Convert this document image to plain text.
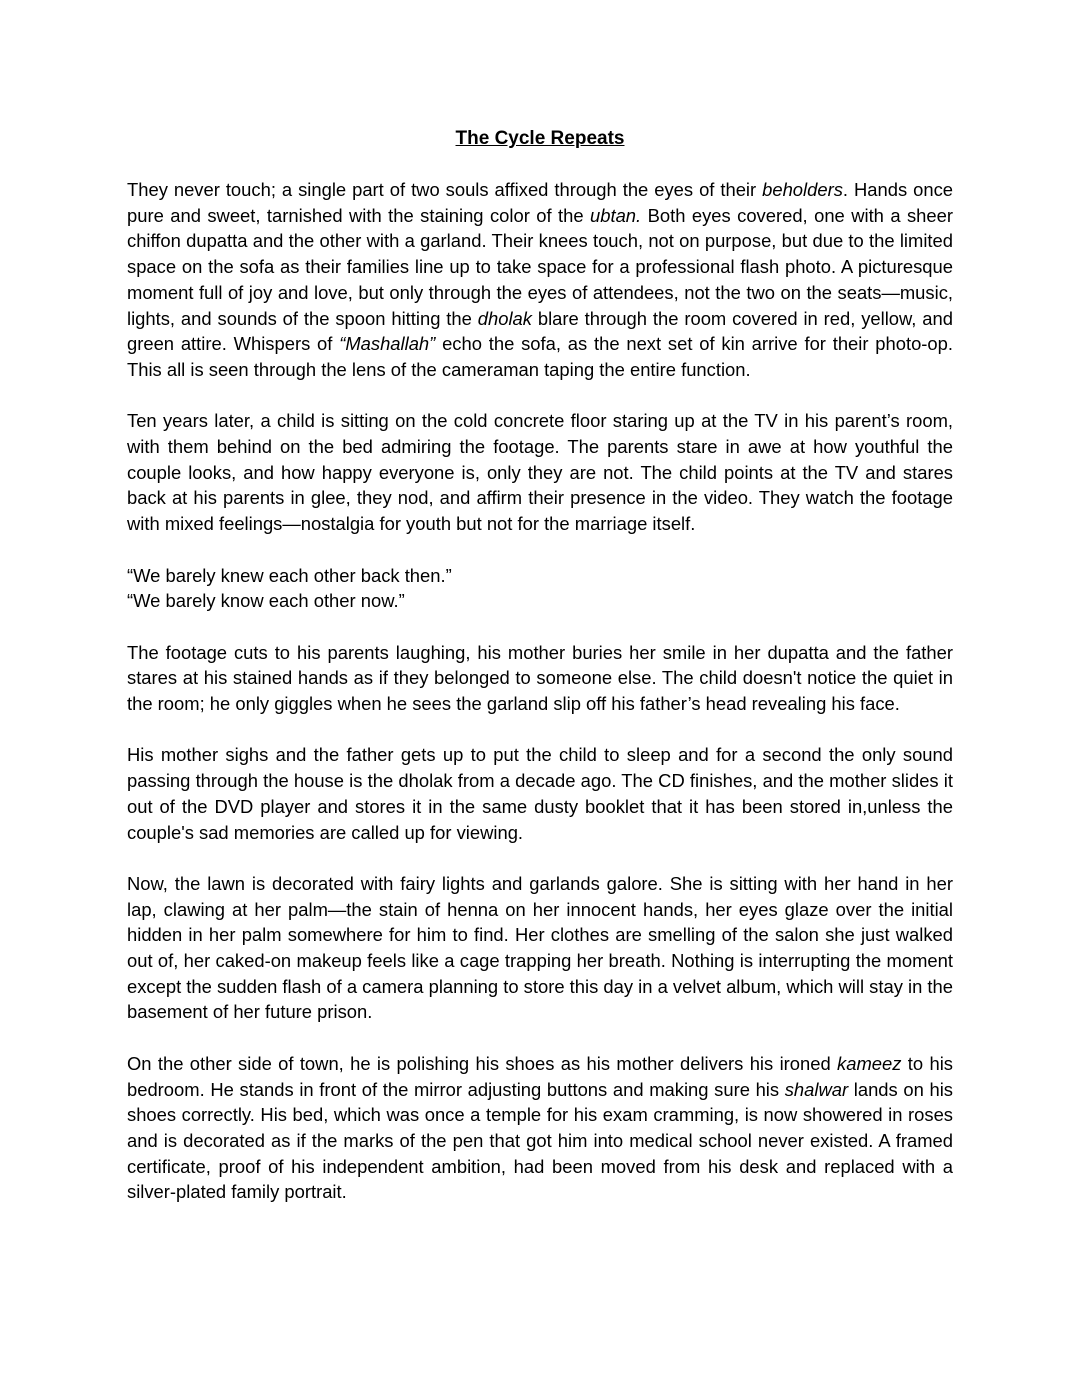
The Cycle Repeats

They never touch; a single part of two souls affixed through the eyes of their beholders. Hands once pure and sweet, tarnished with the staining color of the ubtan. Both eyes covered, one with a sheer chiffon dupatta and the other with a garland. Their knees touch, not on purpose, but due to the limited space on the sofa as their families line up to take space for a professional flash photo. A picturesque moment full of joy and love, but only through the eyes of attendees, not the two on the seats—music, lights, and sounds of the spoon hitting the dholak blare through the room covered in red, yellow, and green attire. Whispers of “Mashallah” echo the sofa, as the next set of kin arrive for their photo-op. This all is seen through the lens of the cameraman taping the entire function.

Ten years later, a child is sitting on the cold concrete floor staring up at the TV in his parent’s room, with them behind on the bed admiring the footage. The parents stare in awe at how youthful the couple looks, and how happy everyone is, only they are not. The child points at the TV and stares back at his parents in glee, they nod, and affirm their presence in the video. They watch the footage with mixed feelings—nostalgia for youth but not for the marriage itself.

“We barely knew each other back then.”

“We barely know each other now.”

The footage cuts to his parents laughing, his mother buries her smile in her dupatta and the father stares at his stained hands as if they belonged to someone else. The child doesn't notice the quiet in the room; he only giggles when he sees the garland slip off his father’s head revealing his face.

His mother sighs and the father gets up to put the child to sleep and for a second the only sound passing through the house is the dholak from a decade ago. The CD finishes, and the mother slides it out of the DVD player and stores it in the same dusty booklet that it has been stored in,unless the couple's sad memories are called up for viewing.

Now, the lawn is decorated with fairy lights and garlands galore. She is sitting with her hand in her lap, clawing at her palm—the stain of henna on her innocent hands, her eyes glaze over the initial hidden in her palm somewhere for him to find. Her clothes are smelling of the salon she just walked out of, her caked-on makeup feels like a cage trapping her breath. Nothing is interrupting the moment except the sudden flash of a camera planning to store this day in a velvet album, which will stay in the basement of her future prison.

On the other side of town, he is polishing his shoes as his mother delivers his ironed kameez to his bedroom. He stands in front of the mirror adjusting buttons and making sure his shalwar lands on his shoes correctly. His bed, which was once a temple for his exam cramming, is now showered in roses and is decorated as if the marks of the pen that got him into medical school never existed. A framed certificate, proof of his independent ambition, had been moved from his desk and replaced with a silver-plated family portrait.
